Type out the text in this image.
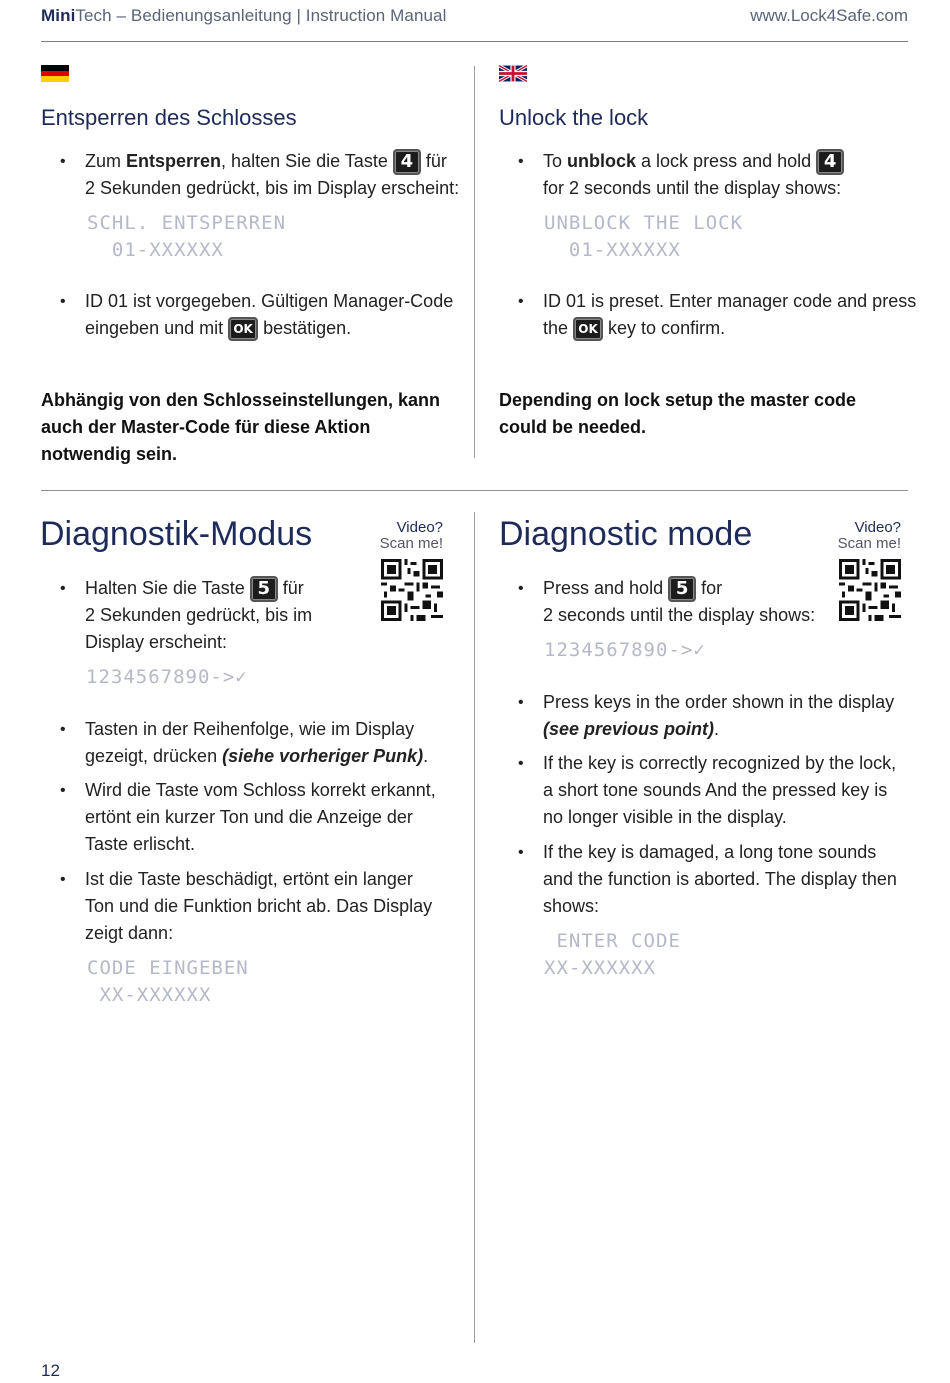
MiniTech – Bedienungsanleitung | Instruction Manual	www.Lock4Safe.com
Entsperren des Schlosses
• Zum Entsperren, halten Sie die Taste 4 für
2 Sekunden gedrückt, bis im Display erscheint:
SCHL. ENTSPERREN
01-XXXXXX
• ID 01 ist vorgegeben. Gültigen Manager-Code
eingeben und mit OK bestätigen.
Abhängig von den Schlosseinstellungen, kann auch der Master-Code für diese Aktion notwendig sein.
Unlock the lock
• To unblock a lock press and hold 4
for 2 seconds until the display shows:
UNBLOCK THE LOCK
01-XXXXXX
• ID 01 is preset. Enter manager code and press
the OK key to confirm.
Depending on lock setup the master code could be needed.
Diagnostik-Modus	Video?
Scan me!
• Halten Sie die Taste 5 für
2 Sekunden gedrückt, bis im
Display erscheint:
1234567890->✓
• Tasten in der Reihenfolge, wie im Display
gezeigt, drücken (siehe vorheriger Punk).
• Wird die Taste vom Schloss korrekt erkannt, ertönt ein kurzer Ton und die Anzeige der Taste erlischt.
• Ist die Taste beschädigt, ertönt ein langer Ton und die Funktion bricht ab. Das Display zeigt dann:
CODE EINGEBEN
XX-XXXXXX
Diagnostic mode	Video?
Scan me!
• Press and hold 5 for
2 seconds until the display shows:
1234567890->✓
• Press keys in the order shown in the display
(see previous point).
• If the key is correctly recognized by the lock, a short tone sounds And the pressed key is no longer visible in the display.
• If the key is damaged, a long tone sounds and the function is aborted. The display then shows:
ENTER CODE
XX-XXXXXX
12
